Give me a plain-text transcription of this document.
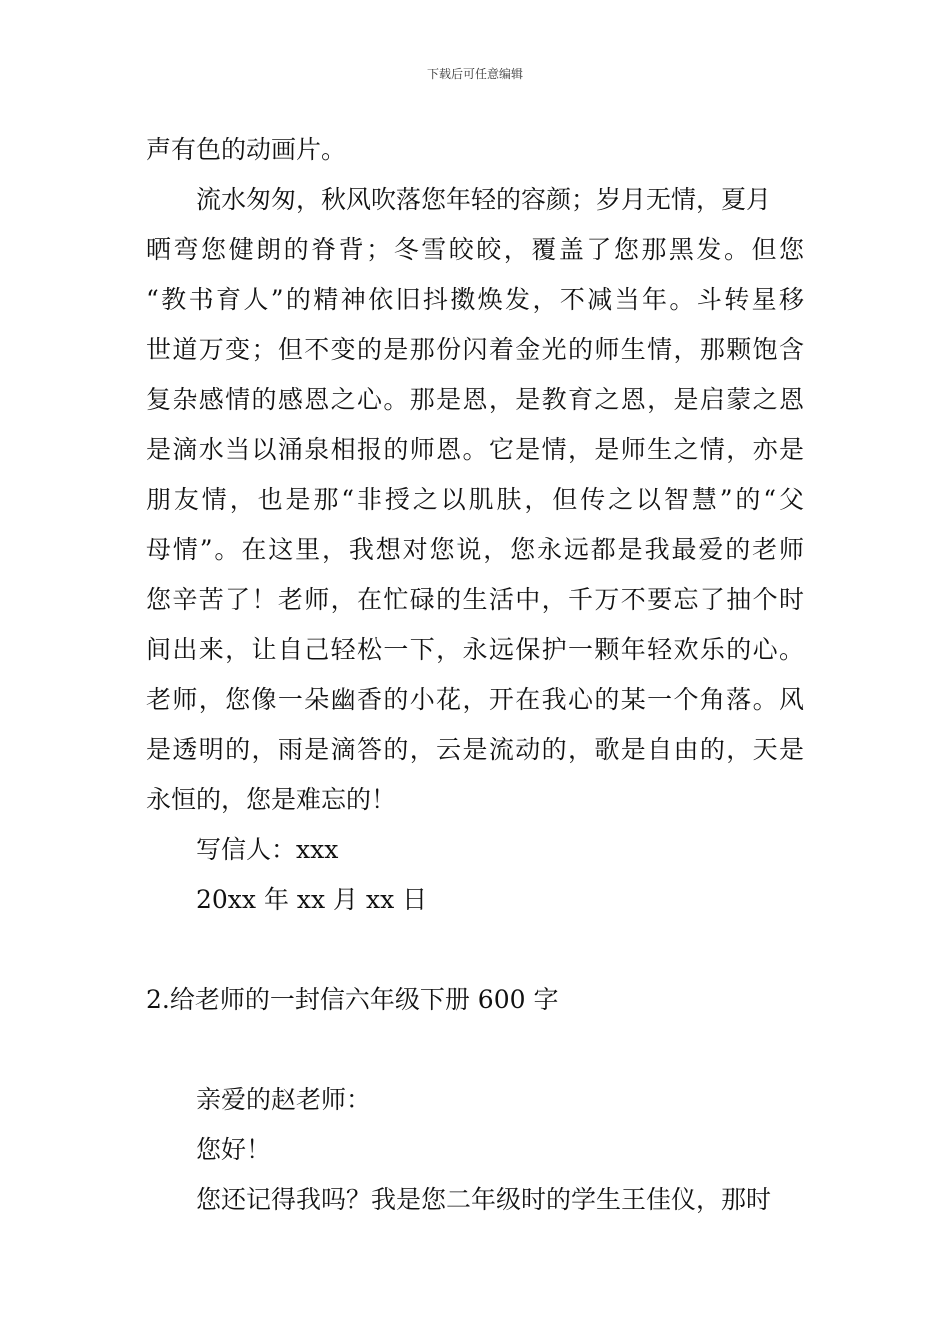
下载后可任意编辑
声有色的动画片。
流水匆匆，秋风吹落您年轻的容颜；岁月无情，夏月
晒弯您健朗的脊背；冬雪皎皎，覆盖了您那黑发。但您
“教书育人”的精神依旧抖擞焕发，不减当年。斗转星移
世道万变；但不变的是那份闪着金光的师生情，那颗饱含
复杂感情的感恩之心。那是恩，是教育之恩，是启蒙之恩
是滴水当以涌泉相报的师恩。它是情，是师生之情，亦是
朋友情，也是那“非授之以肌肤，但传之以智慧”的“父
母情”。在这里，我想对您说，您永远都是我最爱的老师
您辛苦了！老师，在忙碌的生活中，千万不要忘了抽个时
间出来，让自己轻松一下，永远保护一颗年轻欢乐的心。
老师，您像一朵幽香的小花，开在我心的某一个角落。风
是透明的，雨是滴答的，云是流动的，歌是自由的，天是
永恒的，您是难忘的！
写信人：xxx
20xx 年 xx 月 xx 日
2.给老师的一封信六年级下册 600 字
亲爱的赵老师：
您好！
您还记得我吗？我是您二年级时的学生王佳仪，那时
